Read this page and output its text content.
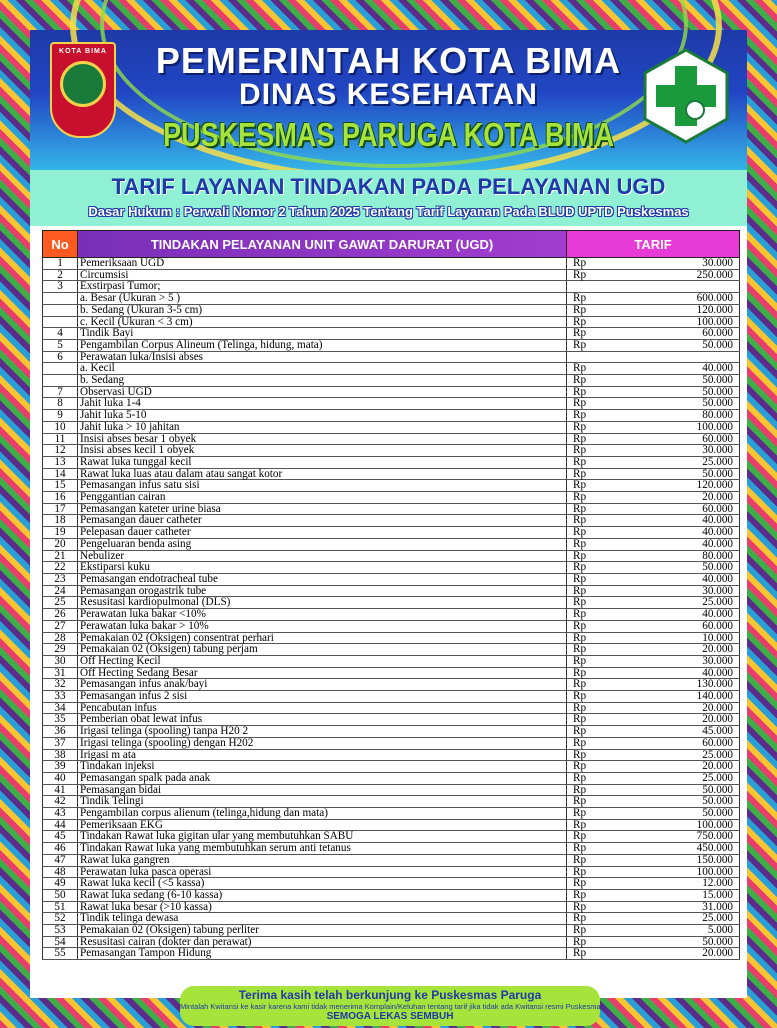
KOTA BIMA	PEMERINTAH KOTA BIMA
DINAS KESEHATAN
PUSKESMAS PARUGA KOTA BIMA
TARIF LAYANAN TINDAKAN PADA PELAYANAN UGD
Dasar Hukum : Perwali Nomor 2 Tahun 2025 Tentang Tarif Layanan Pada BLUD UPTD Puskesmas
No	TINDAKAN PELAYANAN UNIT GAWAT DARURAT (UGD)	TARIF
1	Pemeriksaan UGD	Rp 30.000

2	Circumsisi	Rp 250.000

3	Exstirpasi Tumor;	
	a. Besar (Ukuran > 5 )	Rp 600.000

	b. Sedang (Ukuran 3-5 cm)	Rp 120.000

	c. Kecil (Ukuran < 3 cm)	Rp 100.000

4	Tindik Bayi	Rp 60.000

5	Pengambilan Corpus Alineum (Telinga, hidung, mata)	Rp 50.000

6	Perawatan luka/Insisi abses	
	a. Kecil	Rp 40.000

	b. Sedang	Rp 50.000

7	Observasi UGD	Rp 50.000

8	Jahit luka 1-4	Rp 50.000

9	Jahit luka 5-10	Rp 80.000

10	Jahit luka > 10 jahitan	Rp 100.000

11	Insisi abses besar 1 obyek	Rp 60.000

12	Insisi abses kecil 1 obyek	Rp 30.000

13	Rawat luka tunggal kecil	Rp 25.000

14	Rawat luka luas atau dalam atau sangat kotor	Rp 50.000

15	Pemasangan infus satu sisi	Rp 120.000

16	Penggantian cairan	Rp 20.000

17	Pemasangan kateter urine biasa	Rp 60.000

18	Pemasangan dauer catheter	Rp 40.000

19	Pelepasan dauer catheter	Rp 40.000

20	Pengeluaran benda asing	Rp 40.000

21	Nebulizer	Rp 80.000

22	Ekstiparsi kuku	Rp 50.000

23	Pemasangan endotracheal tube	Rp 40.000

24	Pemasangan orogastrik tube	Rp 30.000

25	Resusitasi kardiopulmonal (DLS)	Rp 25.000

26	Perawatan luka bakar <10%	Rp 40.000

27	Perawatan luka bakar > 10%	Rp 60.000

28	Pemakaian 02 (Oksigen) consentrat perhari	Rp 10.000

29	Pemakaian 02 (Oksigen) tabung perjam	Rp 20.000

30	Off Hecting Kecil	Rp 30.000

31	Off Hecting Sedang Besar	Rp 40.000

32	Pemasangan infus anak/bayi	Rp 130.000

33	Pemasangan infus 2 sisi	Rp 140.000

34	Pencabutan infus	Rp 20.000

35	Pemberian obat lewat infus	Rp 20.000

36	Irigasi telinga (spooling) tanpa H20 2	Rp 45.000

37	Irigasi telinga (spooling) dengan H202	Rp 60.000

38	Irigasi m ata	Rp 25.000

39	Tindakan injeksi	Rp 20.000

40	Pemasangan spalk pada anak	Rp 25.000

41	Pemasangan bidai	Rp 50.000

42	Tindik Telingi	Rp 50.000

43	Pengambilan corpus alienum (telinga,hidung dan mata)	Rp 50.000

44	Pemeriksaan EKG	Rp 100.000

45	Tindakan Rawat luka gigitan ular yang membutuhkan SABU	Rp 750.000

46	Tindakan Rawat luka yang membutuhkan serum anti tetanus	Rp 450.000

47	Rawat luka gangren	Rp 150.000

48	Perawatan luka pasca operasi	Rp 100.000

49	Rawat luka kecil (<5 kassa)	Rp 12.000

50	Rawat luka sedang (6-10 kassa)	Rp 15.000

51	Rawat luka besar (>10 kassa)	Rp 31.000

52	Tindik telinga dewasa	Rp 25.000

53	Pemakaian 02 (Oksigen) tabung perliter	Rp 5.000

54	Resusitasi cairan (dokter dan perawat)	Rp 50.000

55	Pemasangan Tampon Hidung	Rp 20.000
Terima kasih telah berkunjung ke Puskesmas Paruga
Mintalah Kwitansi ke kasir karena kami tidak menerima Komplain/Keluhan tentang tarif jika tidak ada Kwitansi resmi Puskesmas
SEMOGA LEKAS SEMBUH
